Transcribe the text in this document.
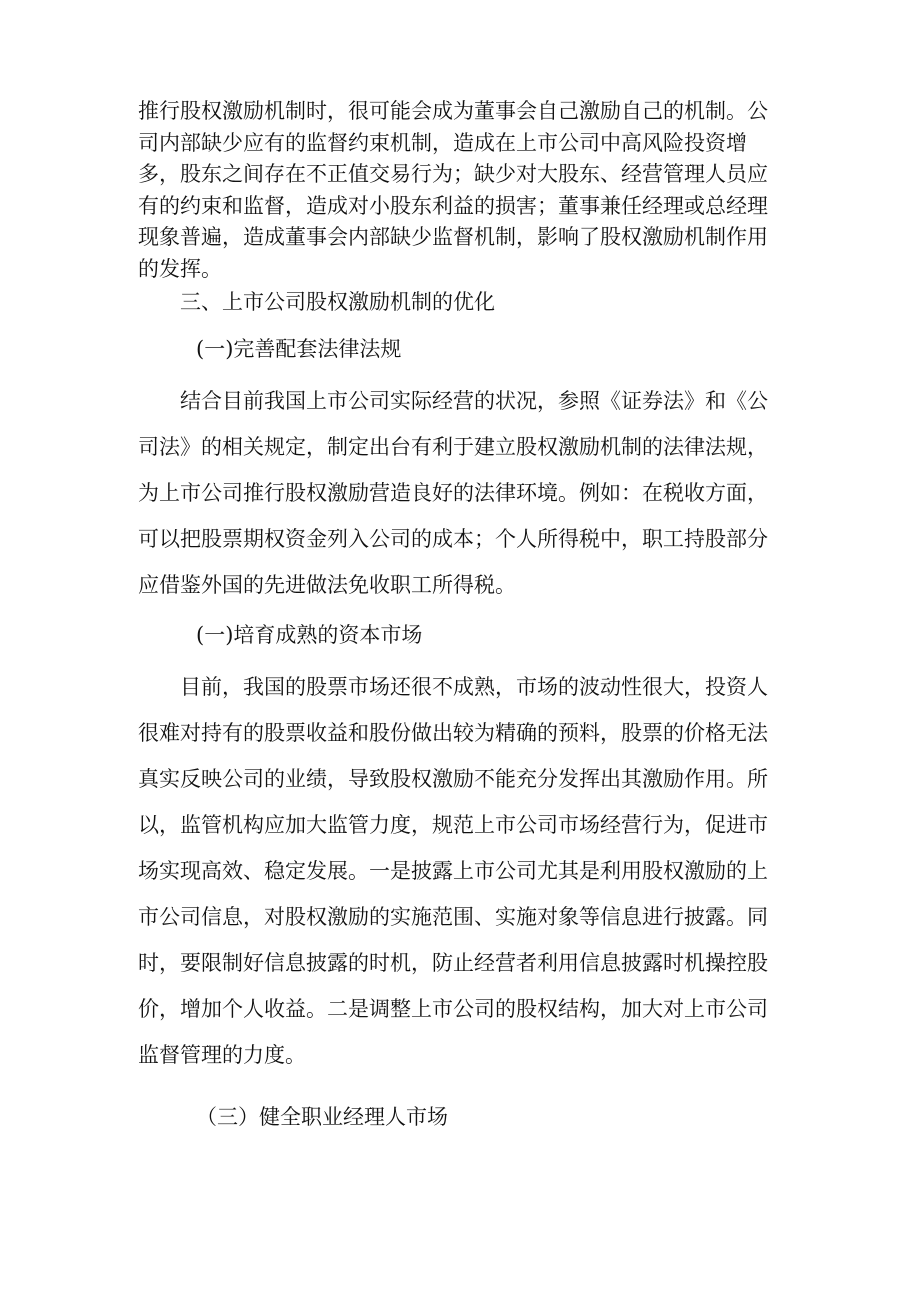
推行股权激励机制时，很可能会成为董事会自己激励自己的机制。公司内部缺少应有的监督约束机制，造成在上市公司中高风险投资增多，股东之间存在不正值交易行为；缺少对大股东、经营管理人员应有的约束和监督，造成对小股东利益的损害；董事兼任经理或总经理现象普遍，造成董事会内部缺少监督机制，影响了股权激励机制作用的发挥。

三、上市公司股权激励机制的优化
(一)完善配套法律法规

结合目前我国上市公司实际经营的状况，参照《证券法》和《公司法》的相关规定，制定出台有利于建立股权激励机制的法律法规，为上市公司推行股权激励营造良好的法律环境。例如：在税收方面，可以把股票期权资金列入公司的成本；个人所得税中，职工持股部分应借鉴外国的先进做法免收职工所得税。

(一)培育成熟的资本市场

目前，我国的股票市场还很不成熟，市场的波动性很大，投资人很难对持有的股票收益和股份做出较为精确的预料，股票的价格无法真实反映公司的业绩，导致股权激励不能充分发挥出其激励作用。所以，监管机构应加大监管力度，规范上市公司市场经营行为，促进市场实现高效、稳定发展。一是披露上市公司尤其是利用股权激励的上市公司信息，对股权激励的实施范围、实施对象等信息进行披露。同时，要限制好信息披露的时机，防止经营者利用信息披露时机操控股价，增加个人收益。二是调整上市公司的股权结构，加大对上市公司监督管理的力度。

（三）健全职业经理人市场
